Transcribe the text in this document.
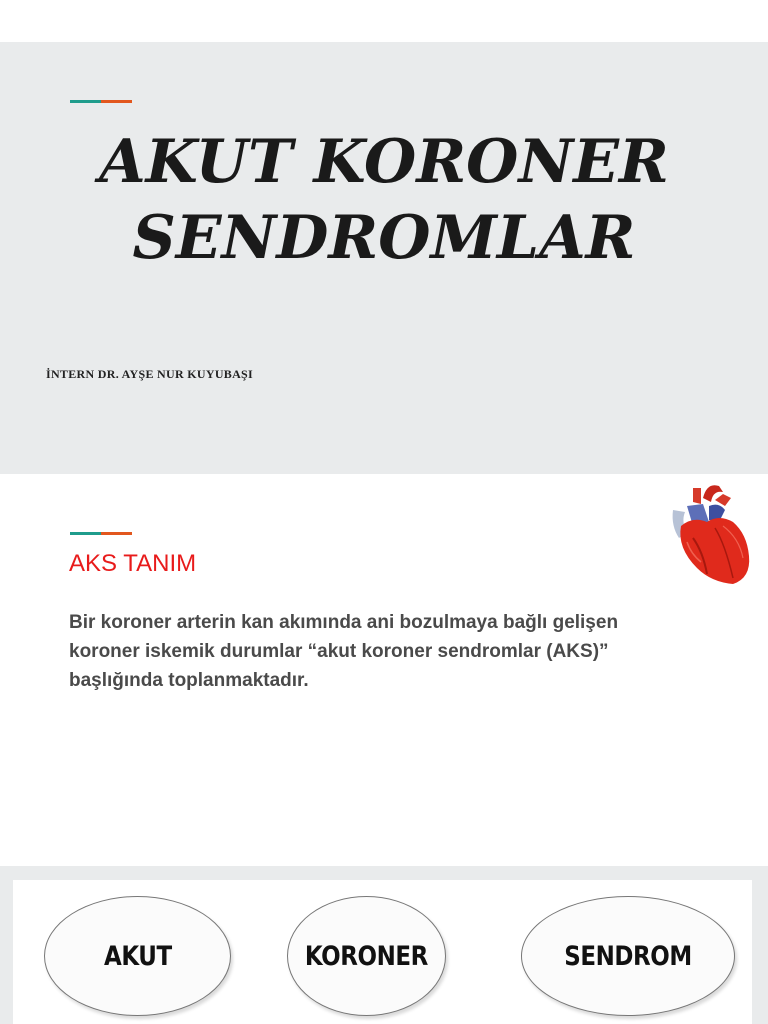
AKUT KORONER
SENDROMLAR

İNTERN DR. AYŞE NUR KUYUBAŞI

AKS TANIM

Bir koroner arterin kan akımında ani bozulmaya bağlı gelişen koroner iskemik durumlar “akut koroner sendromlar (AKS)” başlığında toplanmaktadır.

AKUT	KORONER	SENDROM
